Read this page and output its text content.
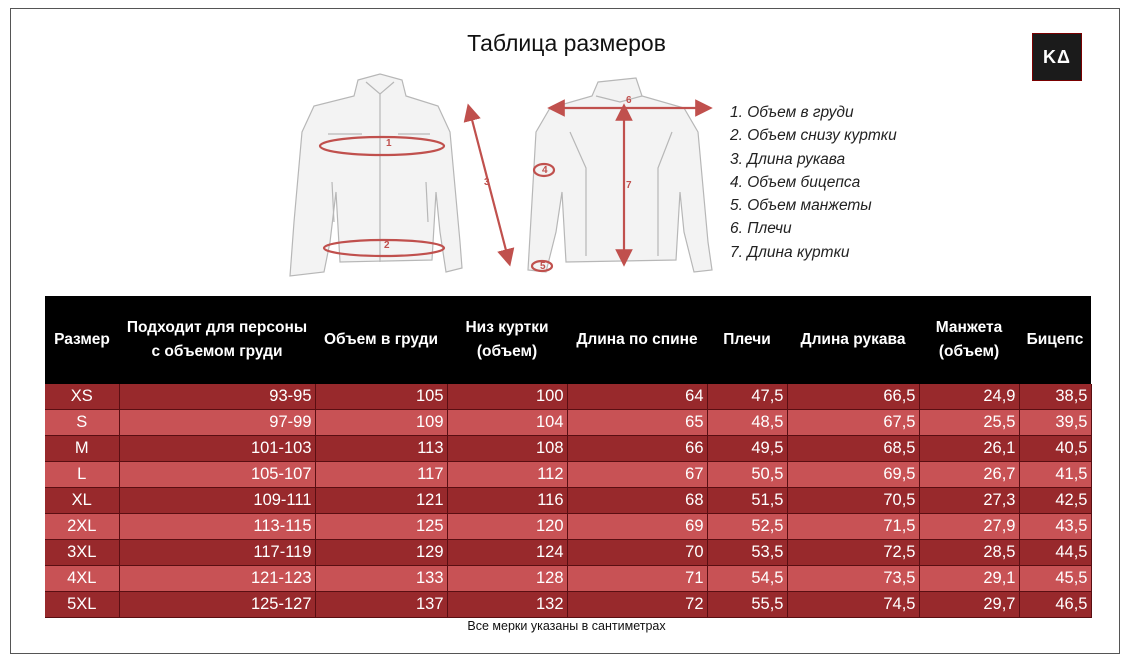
Таблица размеров
KΔ
1
2
3
4
5
6
7
1. Объем в груди
2. Объем снизу куртки
3. Длина рукава
4. Объем бицепса
5. Объем манжеты
6. Плечи
7. Длина куртки
Размер	Подходит для персоны с объемом груди	Объем в груди	Низ куртки (объем)	Длина по спине	Плечи	Длина рукава	Манжета (объем)	Бицепс
XS	93-95	105	100	64	47,5	66,5	24,9	38,5
S	97-99	109	104	65	48,5	67,5	25,5	39,5
M	101-103	113	108	66	49,5	68,5	26,1	40,5
L	105-107	117	112	67	50,5	69,5	26,7	41,5
XL	109-111	121	116	68	51,5	70,5	27,3	42,5
2XL	113-115	125	120	69	52,5	71,5	27,9	43,5
3XL	117-119	129	124	70	53,5	72,5	28,5	44,5
4XL	121-123	133	128	71	54,5	73,5	29,1	45,5
5XL	125-127	137	132	72	55,5	74,5	29,7	46,5
Все мерки указаны в сантиметрах
